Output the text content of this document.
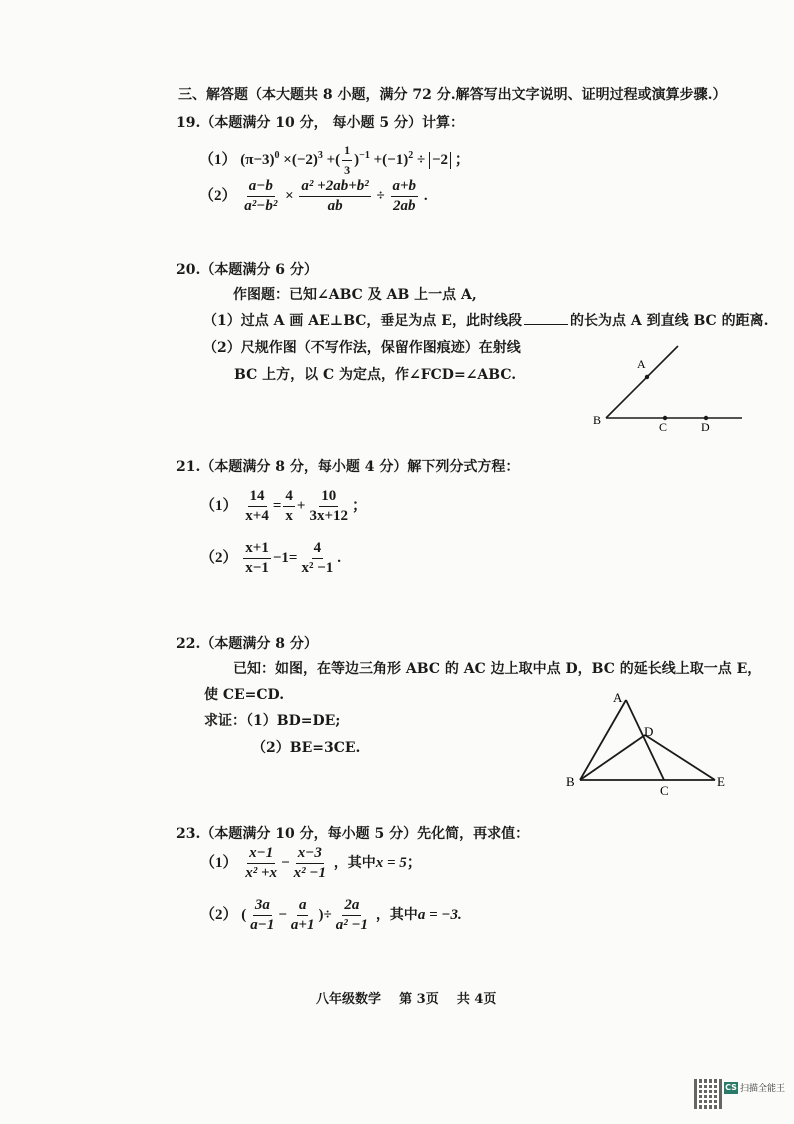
三、解答题（本大题共 8 小题，满分 72 分.解答写出文字说明、证明过程或演算步骤.）
19.（本题满分 10 分， 每小题 5 分）计算：
（1） $(\pi-3)^0 \times(-2)^3$ +( $\frac{1}{3} )^{-1} +(-1)^2 \div -2$ ；
$(2) \frac{a-b}{\text{a²−b²}} \times \frac{\text{a² +2ab+b²}}{ab} \div \frac{a+b}{2ab}$ .
20.（本题满分 6 分）
作图题：已知∠ABC 及 AB 上一点 A,
（1）过点 A 画 AE⊥BC，垂足为点 E，此时线段	的长为点 A 到直线 BC 的距离.
（2）尺规作图（不写作法，保留作图痕迹）在射线
BC 上方，以 C 为定点，作∠FCD=∠ABC.
A
B	C	D
21.（本题满分 8 分，每小题 4 分）解下列分式方程：
$(1) \frac{14}{x+4} = \frac{4}{x} + \frac{10}{3x+12}$ ；
$(2) \frac{x+1}{x-1} -1= \frac{4}{\text{x² −1}}$ .
22.（本题满分 8 分）
已知：如图，在等边三角形 ABC 的 AC 边上取中点 D，BC 的延长线上取一点 E，
使 CE=CD.
求证：（1）BD=DE;
（2）BE=3CE.
A
B
C
D
E
23.（本题满分 10 分，每小题 5 分）先化简，再求值：
$(1) \frac{x-1}{\text{x² +x}} - \frac{x-3}{\text{x² −1}}$ ，其中x = 5；
（2） ( $\frac{3a}{a-1} - \frac{a}{a+1}$ )÷ $\frac{2a}{\text{a² −1}}$ ，其中a = −3.
八年级数学 第 3页 共 4页
CS 扫描全能王
